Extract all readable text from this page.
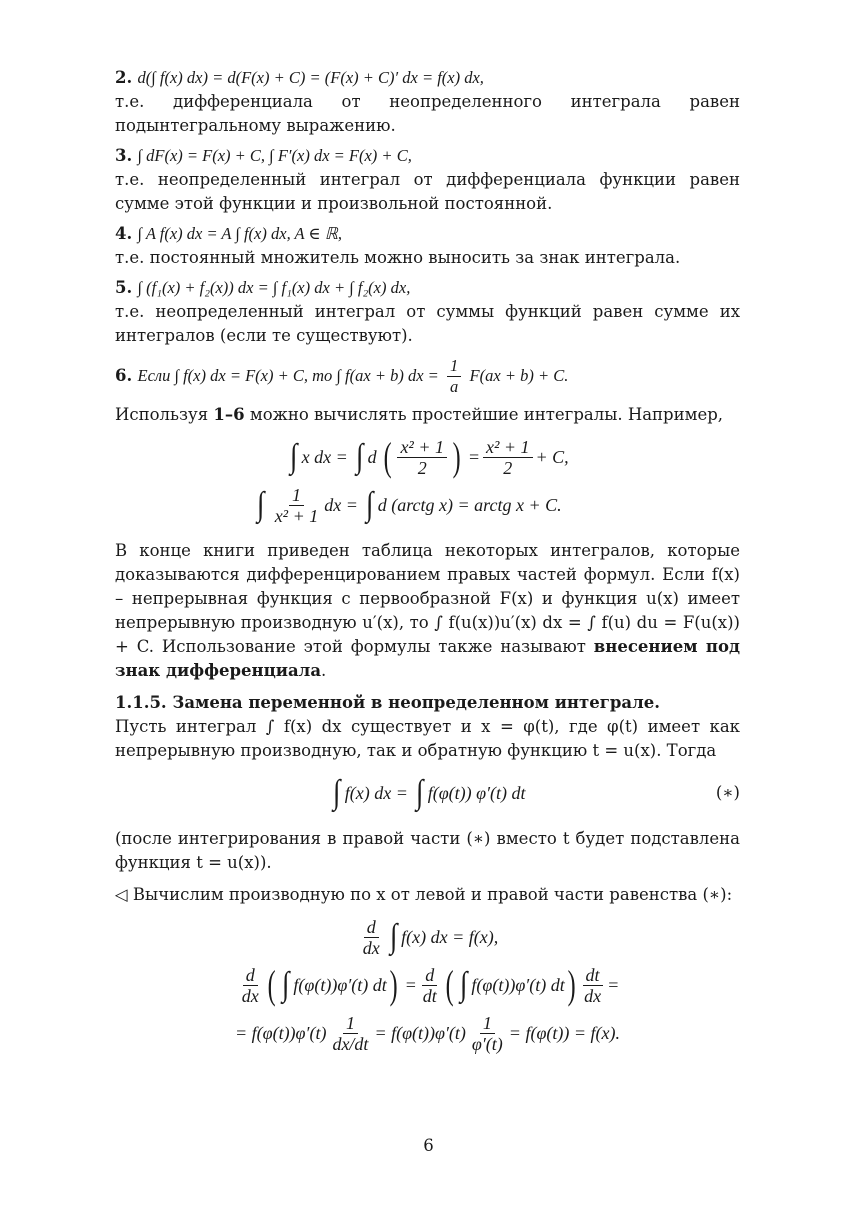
2. d(∫ f(x) dx) = d(F(x) + C) = (F(x) + C)′ dx = f(x) dx,
т.е. дифференциала от неопределенного интеграла равен подынтегральному выражению.
3. ∫ dF(x) = F(x) + C, ∫ F′(x) dx = F(x) + C,
т.е. неопределенный интеграл от дифференциала функции равен сумме этой функции и произвольной постоянной.
4. ∫ A f(x) dx = A ∫ f(x) dx, A ∈ ℝ,
т.е. постоянный множитель можно выносить за знак интеграла.
5. ∫ (f₁(x) + f₂(x)) dx = ∫ f₁(x) dx + ∫ f₂(x) dx,
т.е. неопределенный интеграл от суммы функций равен сумме их интегралов (если те существуют).
6. Если ∫ f(x) dx = F(x) + C, то ∫ f(ax + b) dx = $\frac{1}{a} F(ax + b) + C$.
Используя 1–6 можно вычислять простейшие интегралы. Например,
∫ x dx =
∫ d
( $\frac{\text{x² + 1}}{2}$ )
= $\frac{\text{x² + 1}}{2} + C$,
∫ $\frac{1}{\text{x² + 1}}$ dx =
∫ d (arctg x) = arctg x + C.
В конце книги приведен таблица некоторых интегралов, которые доказываются дифференцированием правых частей формул. Если f(x) – непрерывная функция с первообразной F(x) и функция u(x) имеет непрерывную производную u′(x), то ∫ f(u(x))u′(x) dx = ∫ f(u) du = F(u(x)) + C. Использование этой формулы также называют внесением под знак дифференциала.
1.1.5. Замена переменной в неопределенном интеграле.
Пусть интеграл ∫ f(x) dx существует и x = φ(t), где φ(t) имеет как непрерывную производную, так и обратную функцию t = u(x). Тогда
∫ f(x) dx =
∫ f(φ(t)) φ′(t) dt	(∗)
(после интегрирования в правой части (∗) вместо t будет подставлена функция t = u(x)).
◁ Вычислим производную по x от левой и правой части равенства (∗):
$\frac{d}{dx}$ ∫ f(x) dx = f(x),
$\frac{d}{dx}$ ( ∫ f(φ(t))φ′(t) dt )
= $\frac{d}{dt}$ ( ∫ f(φ(t))φ′(t) dt ) $\frac{dt}{dx}$ =
= $f(\varphi(t))\varphi'(t) \frac{1}{dx/dt} = f(\varphi(t))\varphi'(t) \frac{1}{\varphi'(t)} = f(\varphi(t)) = f(x)$.
6
